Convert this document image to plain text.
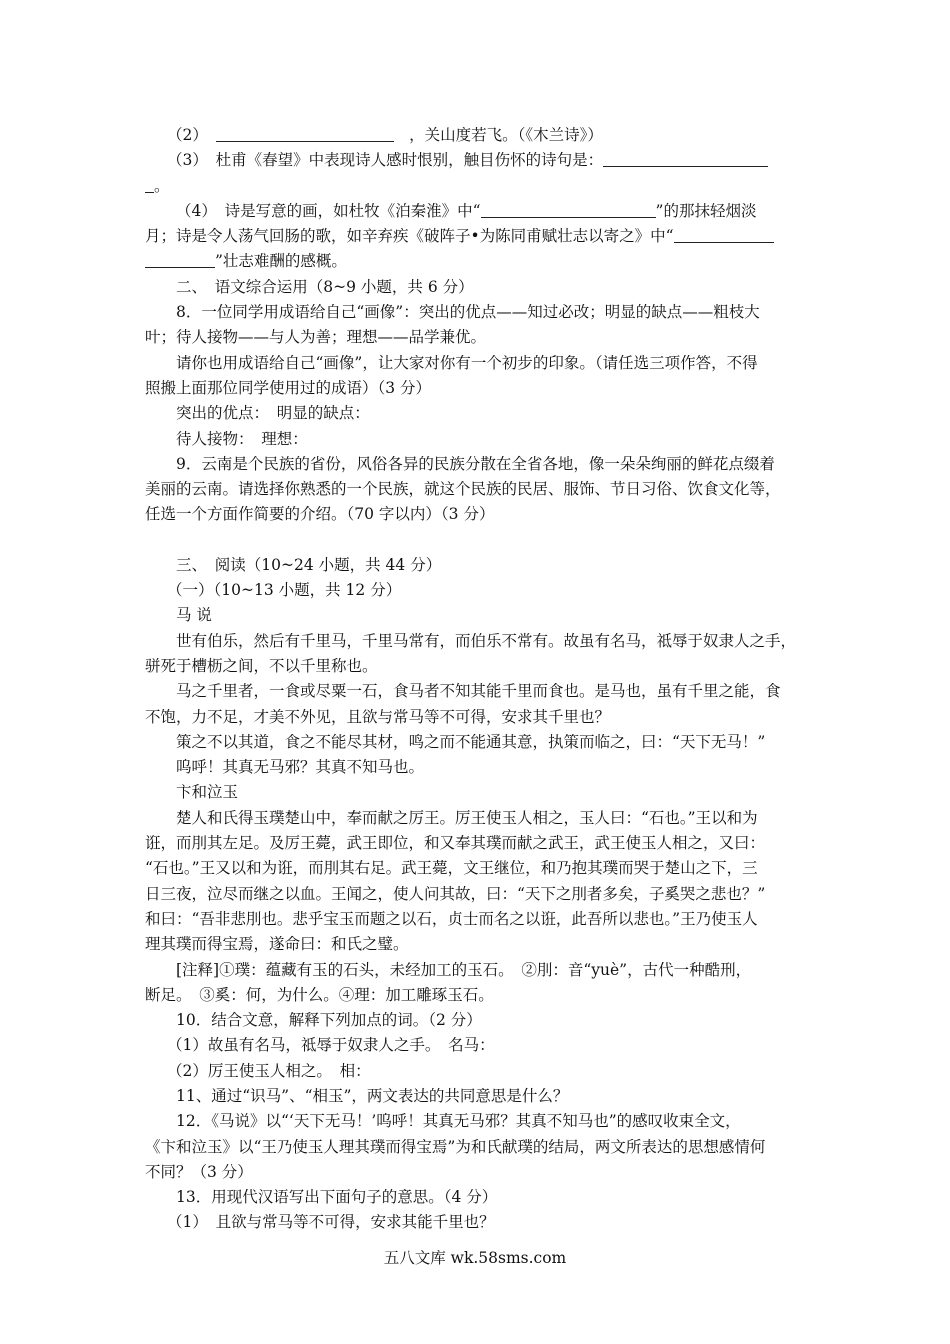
（2）　　	，关山度若飞。（《木兰诗》）

（3）　杜甫《春望》中表现诗人感时恨别，触目伤怀的诗句是：

。

（4）　诗是写意的画，如杜牧《泊秦淮》中“	”的那抹轻烟淡

月；诗是令人荡气回肠的歌，如辛弃疾《破阵子•为陈同甫赋壮志以寄之》中“

”壮志难酬的感概。

二、　语文综合运用（8~9 小题，共 6 分）

8．一位同学用成语给自己“画像”：突出的优点——知过必改；明显的缺点——粗枝大

叶；待人接物——与人为善；理想——品学兼优。

请你也用成语给自己“画像”，让大家对你有一个初步的印象。（请任选三项作答，不得

照搬上面那位同学使用过的成语）（3 分）

突出的优点：　明显的缺点：

待人接物：　理想：

9．云南是个民族的省份，风俗各异的民族分散在全省各地，像一朵朵绚丽的鲜花点缀着

美丽的云南。请选择你熟悉的一个民族，就这个民族的民居、服饰、节日习俗、饮食文化等，

任选一个方面作简要的介绍。（70 字以内）（3 分）

三、　阅读（10~24 小题，共 44 分）

（一）（10~13 小题，共 12 分）

马 说

世有伯乐，然后有千里马，千里马常有，而伯乐不常有。故虽有名马，祗辱于奴隶人之手，

骈死于槽枥之间，不以千里称也。

马之千里者，一食或尽粟一石，食马者不知其能千里而食也。是马也，虽有千里之能，食

不饱，力不足，才美不外见，且欲与常马等不可得，安求其千里也？

策之不以其道，食之不能尽其材，鸣之而不能通其意，执策而临之，曰：“天下无马！”

呜呼！其真无马邪？其真不知马也。

卞和泣玉

楚人和氏得玉璞楚山中，奉而献之厉王。厉王使玉人相之，玉人曰：“石也。”王以和为

诳，而刖其左足。及厉王薨，武王即位，和又奉其璞而献之武王，武王使玉人相之，又曰：

“石也。”王又以和为诳，而刖其右足。武王薨，文王继位，和乃抱其璞而哭于楚山之下，三

日三夜，泣尽而继之以血。王闻之，使人问其故，曰：“天下之刖者多矣，子奚哭之悲也？”

和曰：“吾非悲刖也。悲乎宝玉而题之以石，贞士而名之以诳，此吾所以悲也。”王乃使玉人

理其璞而得宝焉，遂命曰：和氏之璧。

[注释]①璞：蕴藏有玉的石头，未经加工的玉石。　②刖：音“yuè”，古代一种酷刑，

断足。　③奚：何，为什么。④理：加工雕琢玉石。

10．结合文意，解释下列加点的词。（2 分）

（1）故虽有名马，祗辱于奴隶人之手。　名马：

（2）厉王使玉人相之。　相：

11、通过“识马”、“相玉”，两文表达的共同意思是什么？

12．《马说》以“‘天下无马！’呜呼！其真无马邪？其真不知马也”的感叹收束全文，

《卞和泣玉》以“王乃使玉人理其璞而得宝焉”为和氏献璞的结局，两文所表达的思想感情何

不同？（3 分）

13．用现代汉语写出下面句子的意思。（4 分）

（1）　且欲与常马等不可得，安求其能千里也？

五八文库 wk.58sms.com
